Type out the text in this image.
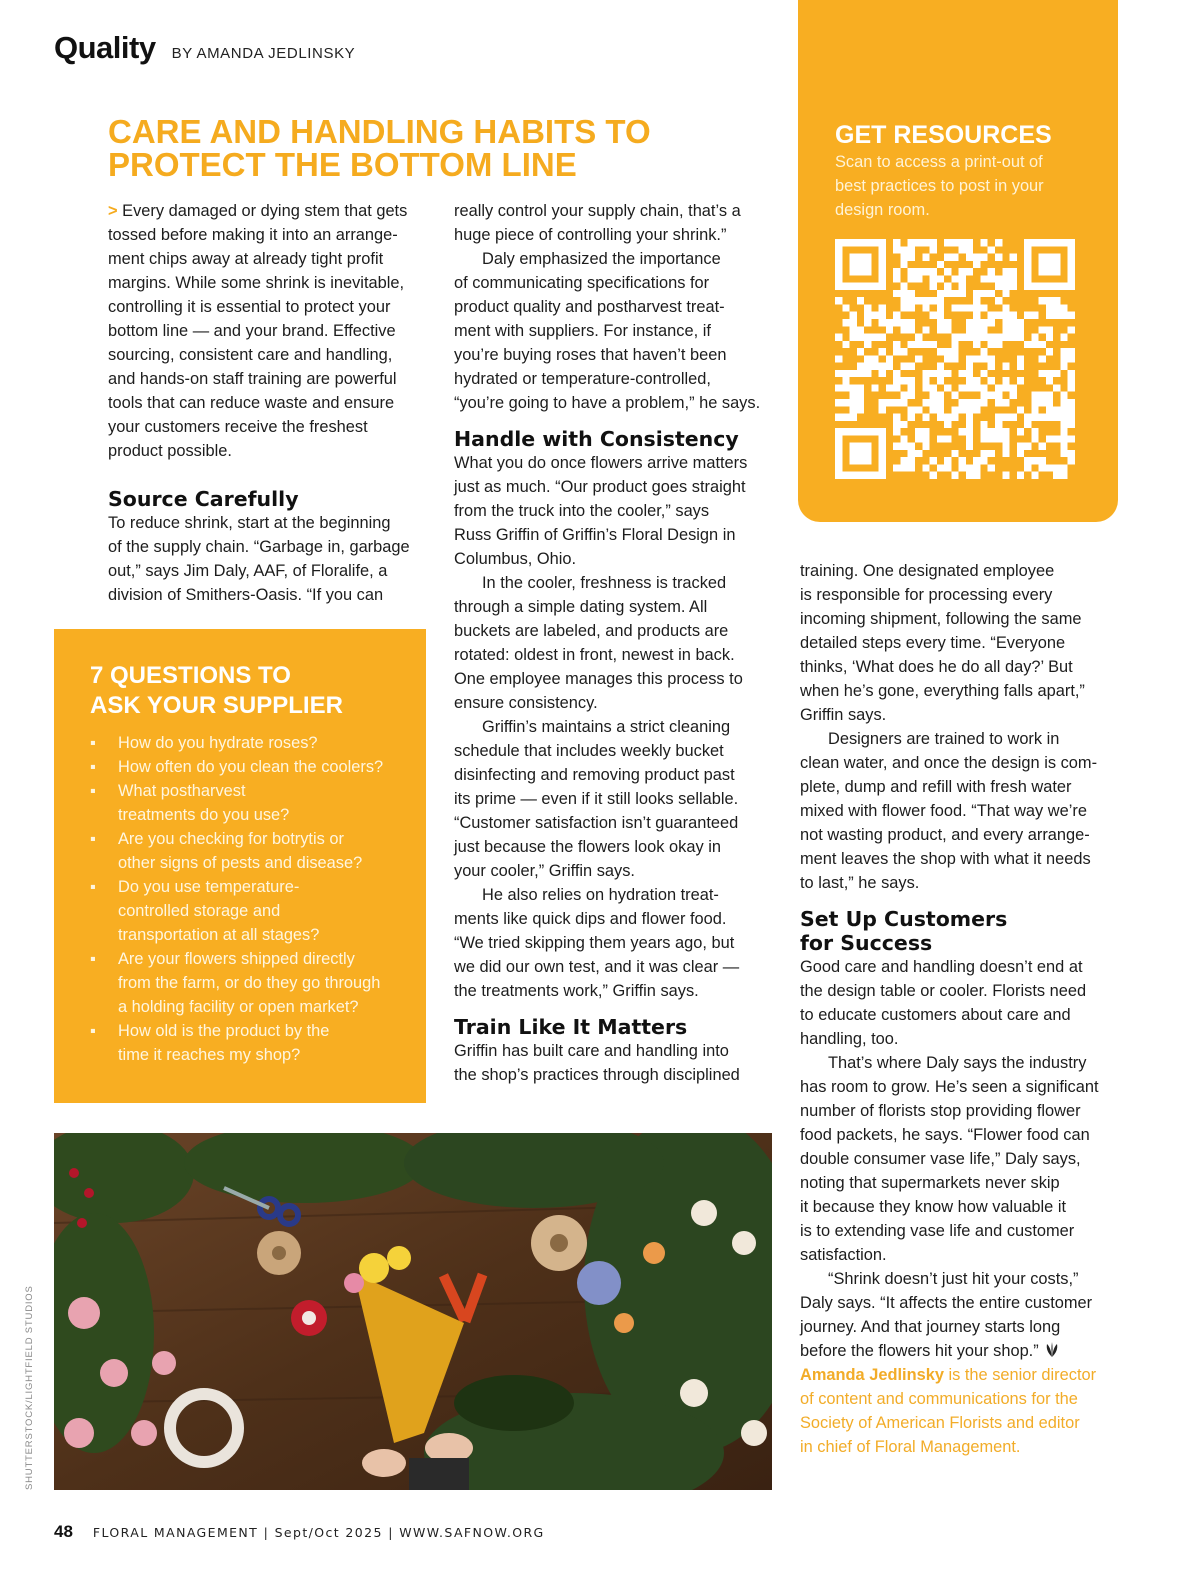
Quality BY AMANDA JEDLINSKY
CARE AND HANDLING HABITS TO
PROTECT THE BOTTOM LINE

> Every damaged or dying stem that gets
tossed before making it into an arrange-
ment chips away at already tight profit
margins. While some shrink is inevitable,
controlling it is essential to protect your
bottom line — and your brand. Effective
sourcing, consistent care and handling,
and hands-on staff training are powerful
tools that can reduce waste and ensure
your customers receive the freshest
product possible.

Source Carefully

To reduce shrink, start at the beginning
of the supply chain. “Garbage in, garbage
out,” says Jim Daly, AAF, of Floralife, a
division of Smithers-Oasis. “If you can

7 QUESTIONS TO
ASK YOUR SUPPLIER
▪ How do you hydrate roses?
▪ How often do you clean the coolers?
▪ What postharvest
treatments do you use?
▪ Are you checking for botrytis or
other signs of pests and disease?
▪ Do you use temperature-
controlled storage and
transportation at all stages?
▪ Are your flowers shipped directly
from the farm, or do they go through
a holding facility or open market?
▪ How old is the product by the
time it reaches my shop?

really control your supply chain, that’s a
huge piece of controlling your shrink.”

Daly emphasized the importance
of communicating specifications for
product quality and postharvest treat-
ment with suppliers. For instance, if
you’re buying roses that haven’t been
hydrated or temperature-controlled,
“you’re going to have a problem,” he says.

Handle with Consistency

What you do once flowers arrive matters
just as much. “Our product goes straight
from the truck into the cooler,” says
Russ Griffin of Griffin’s Floral Design in
Columbus, Ohio.

In the cooler, freshness is tracked
through a simple dating system. All
buckets are labeled, and products are
rotated: oldest in front, newest in back.
One employee manages this process to
ensure consistency.

Griffin’s maintains a strict cleaning
schedule that includes weekly bucket
disinfecting and removing product past
its prime — even if it still looks sellable.
“Customer satisfaction isn’t guaranteed
just because the flowers look okay in
your cooler,” Griffin says.

He also relies on hydration treat-
ments like quick dips and flower food.
“We tried skipping them years ago, but
we did our own test, and it was clear —
the treatments work,” Griffin says.

Train Like It Matters

Griffin has built care and handling into
the shop’s practices through disciplined

GET RESOURCES

Scan to access a print-out of
best practices to post in your
design room.

training. One designated employee
is responsible for processing every
incoming shipment, following the same
detailed steps every time. “Everyone
thinks, ‘What does he do all day?’ But
when he’s gone, everything falls apart,”
Griffin says.

Designers are trained to work in
clean water, and once the design is com-
plete, dump and refill with fresh water
mixed with flower food. “That way we’re
not wasting product, and every arrange-
ment leaves the shop with what it needs
to last,” he says.

Set Up Customers
for Success

Good care and handling doesn’t end at
the design table or cooler. Florists need
to educate customers about care and
handling, too.

That’s where Daly says the industry
has room to grow. He’s seen a significant
number of florists stop providing flower
food packets, he says. “Flower food can
double consumer vase life,” Daly says,
noting that supermarkets never skip
it because they know how valuable it
is to extending vase life and customer
satisfaction.

“Shrink doesn’t just hit your costs,”
Daly says. “It affects the entire customer
journey. And that journey starts long
before the flowers hit your shop.”

Amanda Jedlinsky is the senior director
of content and communications for the
Society of American Florists and editor
in chief of Floral Management.

SHUTTERSTOCK/LIGHTFIELD STUDIOS
48 FLORAL MANAGEMENT | Sept/Oct 2025 | WWW.SAFNOW.ORG
